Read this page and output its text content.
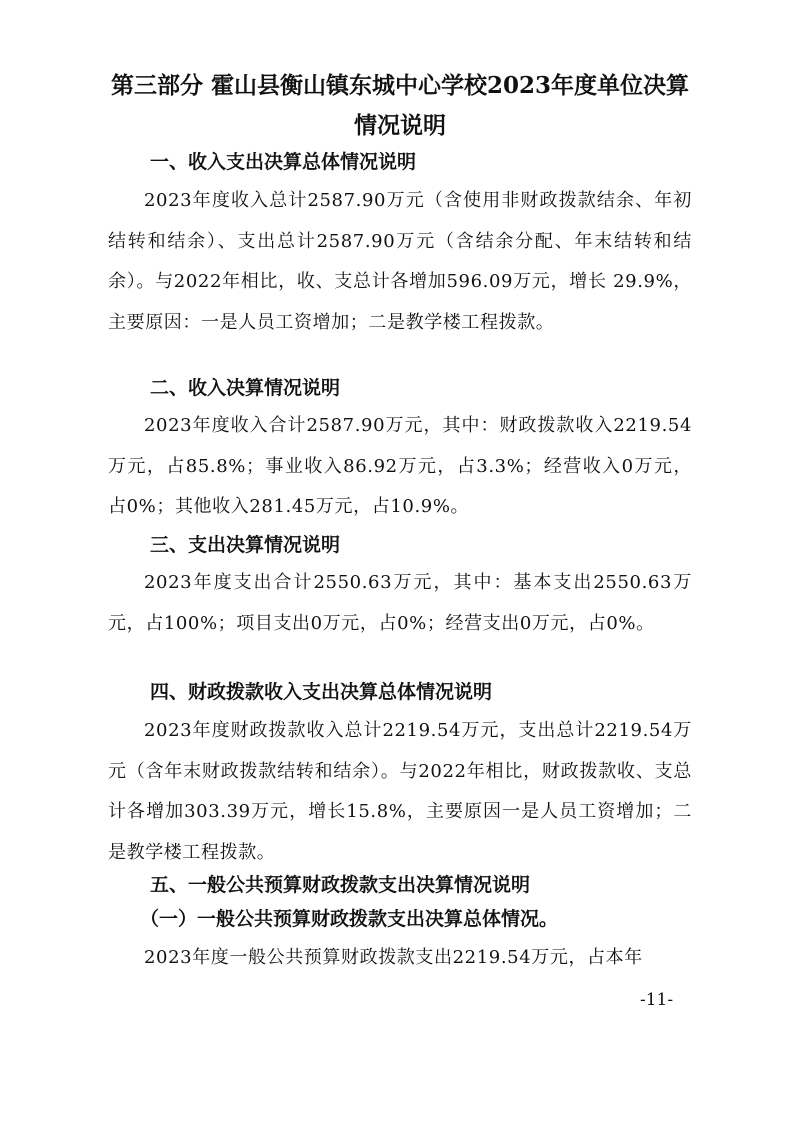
第三部分 霍山县衡山镇东城中心学校2023年度单位决算
情况说明
一、收入支出决算总体情况说明

2023年度收入总计2587.90万元（含使用非财政拨款结余、年初结转和结余）、支出总计2587.90万元（含结余分配、年末结转和结余）。与2022年相比，收、支总计各增加596.09万元，增长 29.9%，主要原因：一是人员工资增加；二是教学楼工程拨款。

二、收入决算情况说明

2023年度收入合计2587.90万元，其中：财政拨款收入2219.54万元，占85.8%；事业收入86.92万元，占3.3%；经营收入0万元，占0%；其他收入281.45万元，占10.9%。

三、支出决算情况说明

2023年度支出合计2550.63万元，其中：基本支出2550.63万元，占100%；项目支出0万元，占0%；经营支出0万元，占0%。

四、财政拨款收入支出决算总体情况说明

2023年度财政拨款收入总计2219.54万元，支出总计2219.54万元（含年末财政拨款结转和结余）。与2022年相比，财政拨款收、支总计各增加303.39万元，增长15.8%，主要原因一是人员工资增加；二是教学楼工程拨款。

五、一般公共预算财政拨款支出决算情况说明
（一）一般公共预算财政拨款支出决算总体情况。

2023年度一般公共预算财政拨款支出2219.54万元，占本年

-11-
